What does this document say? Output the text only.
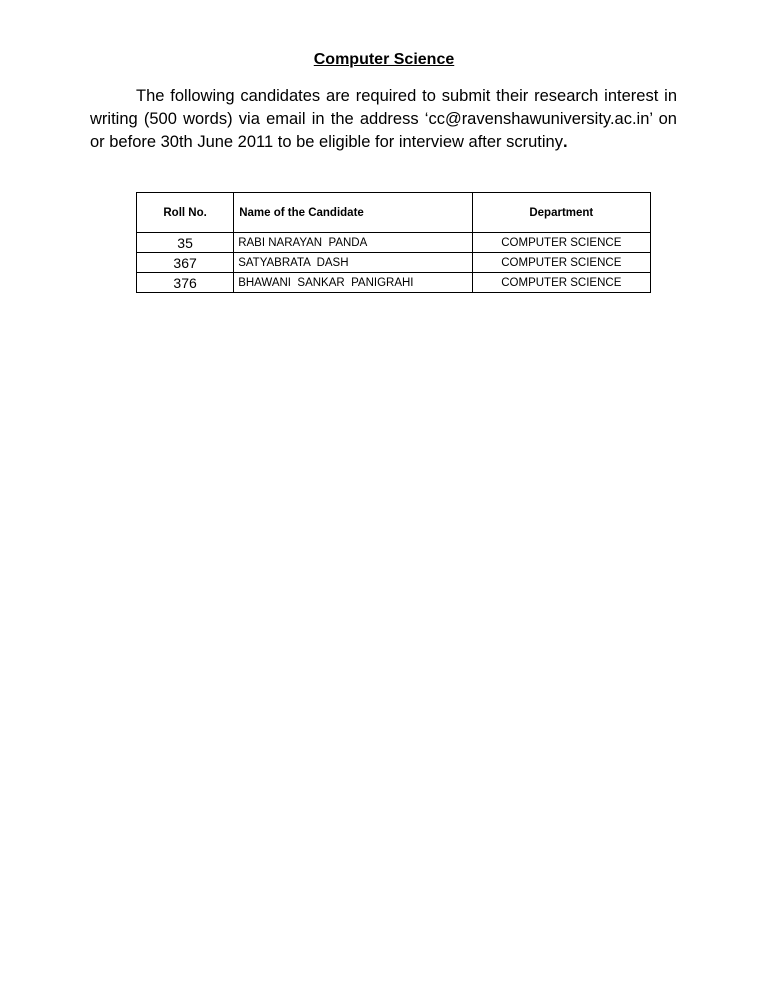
Computer Science
The following candidates are required to submit their research interest in writing (500 words) via email in the address ‘cc@ravenshawuniversity.ac.in’ on or before 30th June 2011 to be eligible for interview after scrutiny.
Roll No.	Name of the Candidate	Department
35	RABI NARAYAN  PANDA	COMPUTER SCIENCE
367	SATYABRATA  DASH	COMPUTER SCIENCE
376	BHAWANI  SANKAR  PANIGRAHI	COMPUTER SCIENCE
